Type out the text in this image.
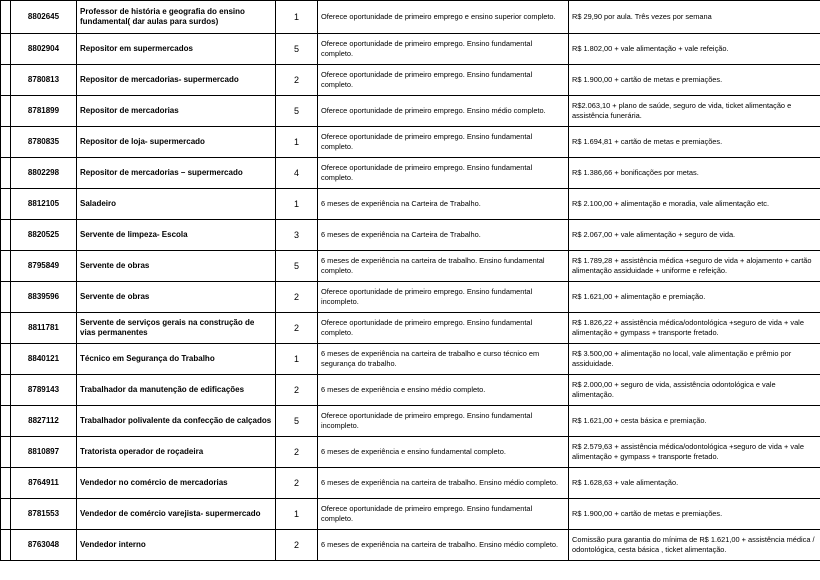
	8802645	Professor de história e geografia do ensino fundamental( dar aulas para surdos)	1	Oferece oportunidade de primeiro emprego e ensino superior completo.	R$ 29,90 por aula. Três vezes por semana
	8802904	Repositor em supermercados	5	Oferece oportunidade de primeiro emprego. Ensino fundamental completo.	R$ 1.802,00 + vale alimentação + vale refeição.
	8780813	Repositor de mercadorias- supermercado	2	Oferece oportunidade de primeiro emprego. Ensino fundamental completo.	R$ 1.900,00 + cartão de metas e premiações.
	8781899	Repositor de mercadorias	5	Oferece oportunidade de primeiro emprego. Ensino médio completo.	R$2.063,10 + plano de saúde, seguro de vida, ticket alimentação e assistência funerária.
	8780835	Repositor de loja- supermercado	1	Oferece oportunidade de primeiro emprego. Ensino fundamental completo.	R$ 1.694,81 + cartão de metas e premiações.
	8802298	Repositor de mercadorias – supermercado	4	Oferece oportunidade de primeiro emprego. Ensino fundamental completo.	R$ 1.386,66 + bonificações por metas.
	8812105	Saladeiro	1	6 meses de experiência na Carteira de Trabalho.	R$ 2.100,00 + alimentação e moradia, vale alimentação etc.
	8820525	Servente de limpeza- Escola	3	6 meses de experiência na Carteira de Trabalho.	R$ 2.067,00 + vale alimentação + seguro de vida.
	8795849	Servente de obras	5	6 meses de experiência na carteira de trabalho. Ensino fundamental completo.	R$ 1.789,28 + assistência médica +seguro de vida + alojamento + cartão alimentação assiduidade + uniforme e refeição.
	8839596	Servente de obras	2	Oferece oportunidade de primeiro emprego. Ensino fundamental incompleto.	R$ 1.621,00 + alimentação e premiação.
	8811781	Servente de serviços gerais na construção de vias permanentes	2	Oferece oportunidade de primeiro emprego. Ensino fundamental completo.	R$ 1.826,22 + assistência médica/odontológica +seguro de vida + vale alimentação + gympass + transporte fretado.
	8840121	Técnico em Segurança do Trabalho	1	6 meses de experiência na carteira de trabalho e curso técnico em segurança do trabalho.	R$ 3.500,00 + alimentação no local, vale alimentação e prêmio por assiduidade.
	8789143	Trabalhador da manutenção de edificações	2	6 meses de experiência e ensino médio completo.	R$ 2.000,00 + seguro de vida, assistência odontológica e vale alimentação.
	8827112	Trabalhador polivalente da confecção de calçados	5	Oferece oportunidade de primeiro emprego. Ensino fundamental incompleto.	R$ 1.621,00 + cesta básica e premiação.
	8810897	Tratorista operador de roçadeira	2	6 meses de experiência e ensino fundamental completo.	R$ 2.579,63 + assistência médica/odontológica +seguro de vida + vale alimentação + gympass + transporte fretado.
	8764911	Vendedor no comércio de mercadorias	2	6 meses de experiência na carteira de trabalho. Ensino médio completo.	R$ 1.628,63 + vale alimentação.
	8781553	Vendedor de comércio varejista- supermercado	1	Oferece oportunidade de primeiro emprego. Ensino fundamental completo.	R$ 1.900,00 + cartão de metas e premiações.
	8763048	Vendedor interno	2	6 meses de experiência na carteira de trabalho. Ensino médio completo.	Comissão pura garantia do mínima de R$ 1.621,00 + assistência médica / odontológica, cesta básica , ticket alimentação.
